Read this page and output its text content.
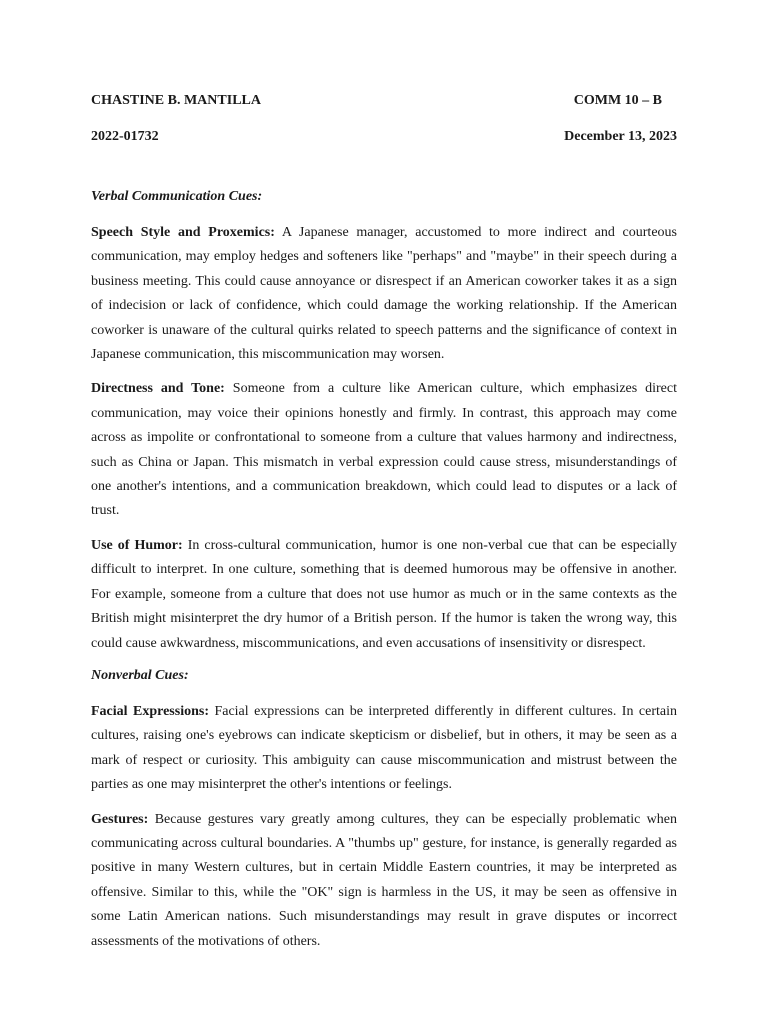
CHASTINE B. MANTILLA	COMM 10 – B
2022-01732	December 13, 2023

Verbal Communication Cues:

Speech Style and Proxemics: A Japanese manager, accustomed to more indirect and courteous communication, may employ hedges and softeners like "perhaps" and "maybe" in their speech during a business meeting. This could cause annoyance or disrespect if an American coworker takes it as a sign of indecision or lack of confidence, which could damage the working relationship. If the American coworker is unaware of the cultural quirks related to speech patterns and the significance of context in Japanese communication, this miscommunication may worsen.

Directness and Tone: Someone from a culture like American culture, which emphasizes direct communication, may voice their opinions honestly and firmly. In contrast, this approach may come across as impolite or confrontational to someone from a culture that values harmony and indirectness, such as China or Japan. This mismatch in verbal expression could cause stress, misunderstandings of one another's intentions, and a communication breakdown, which could lead to disputes or a lack of trust.

Use of Humor: In cross-cultural communication, humor is one non-verbal cue that can be especially difficult to interpret. In one culture, something that is deemed humorous may be offensive in another. For example, someone from a culture that does not use humor as much or in the same contexts as the British might misinterpret the dry humor of a British person. If the humor is taken the wrong way, this could cause awkwardness, miscommunications, and even accusations of insensitivity or disrespect.

Nonverbal Cues:

Facial Expressions: Facial expressions can be interpreted differently in different cultures. In certain cultures, raising one's eyebrows can indicate skepticism or disbelief, but in others, it may be seen as a mark of respect or curiosity. This ambiguity can cause miscommunication and mistrust between the parties as one may misinterpret the other's intentions or feelings.

Gestures: Because gestures vary greatly among cultures, they can be especially problematic when communicating across cultural boundaries. A "thumbs up" gesture, for instance, is generally regarded as positive in many Western cultures, but in certain Middle Eastern countries, it may be interpreted as offensive. Similar to this, while the "OK" sign is harmless in the US, it may be seen as offensive in some Latin American nations. Such misunderstandings may result in grave disputes or incorrect assessments of the motivations of others.
